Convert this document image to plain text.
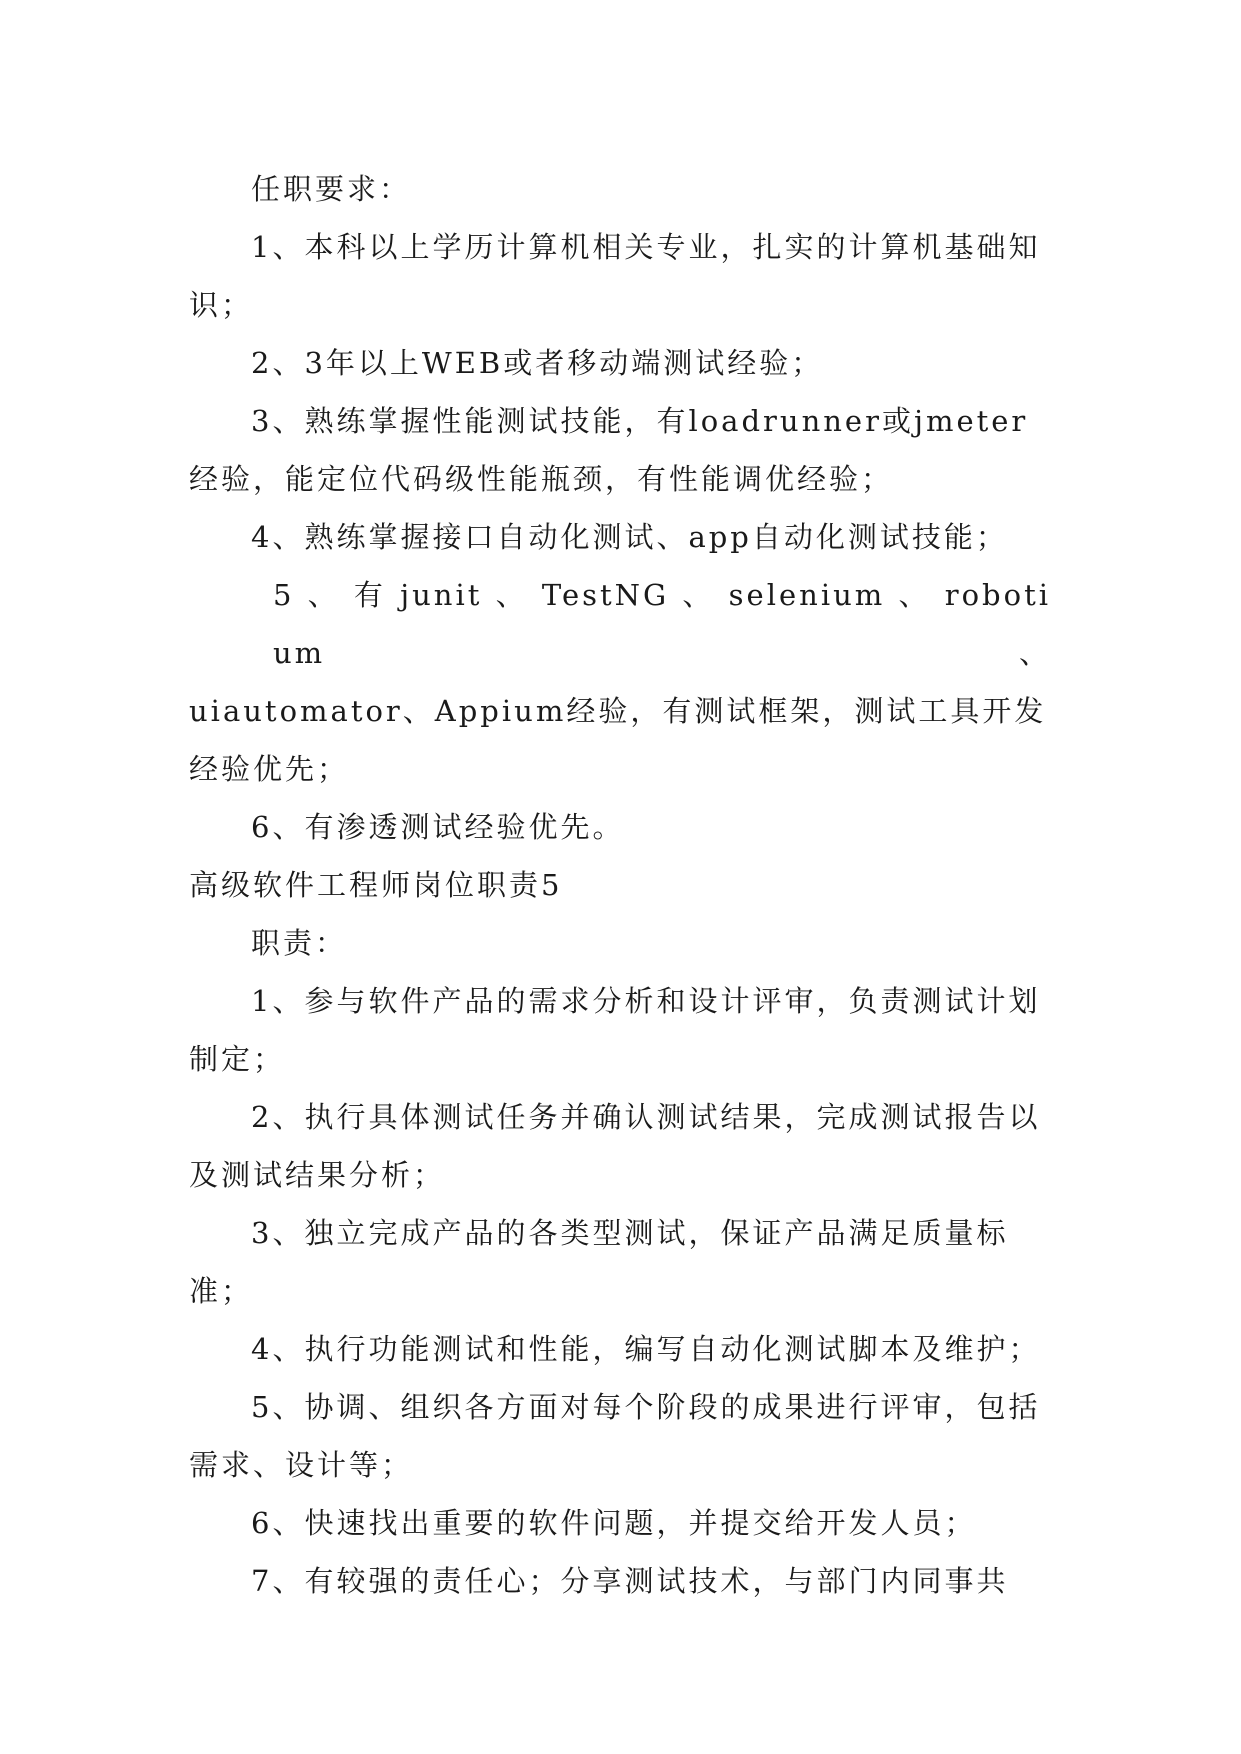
任职要求：

1、本科以上学历计算机相关专业，扎实的计算机基础知识；

2、3年以上WEB或者移动端测试经验；

3、熟练掌握性能测试技能，有loadrunner或jmeter经验，能定位代码级性能瓶颈，有性能调优经验；

4、熟练掌握接口自动化测试、app自动化测试技能；

5 、 有 junit 、 TestNG 、 selenium 、 robotium 、
uiautomator、Appium经验，有测试框架，测试工具开发经验优先；

6、有渗透测试经验优先。

高级软件工程师岗位职责5

职责：

1、参与软件产品的需求分析和设计评审，负责测试计划制定；

2、执行具体测试任务并确认测试结果，完成测试报告以及测试结果分析；

3、独立完成产品的各类型测试，保证产品满足质量标准；

4、执行功能测试和性能，编写自动化测试脚本及维护；

5、协调、组织各方面对每个阶段的成果进行评审，包括需求、设计等；

6、快速找出重要的软件问题，并提交给开发人员；

7、有较强的责任心；分享测试技术，与部门内同事共
